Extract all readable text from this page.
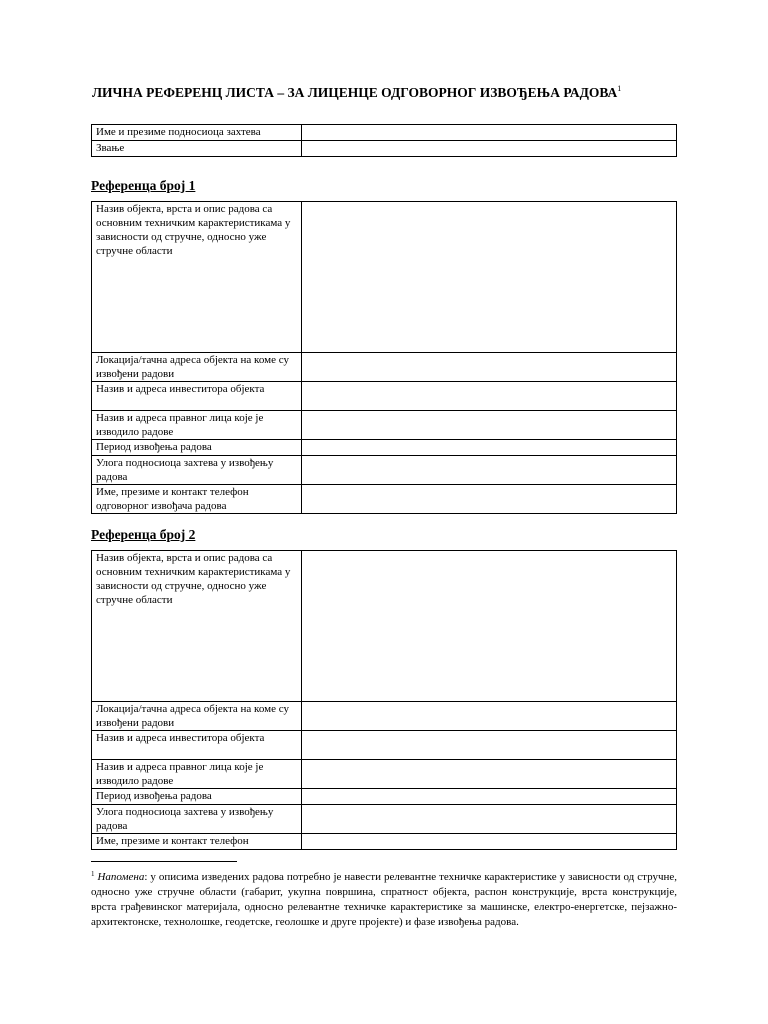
ЛИЧНА РЕФЕРЕНЦ ЛИСТА – ЗА ЛИЦЕНЦЕ ОДГОВОРНОГ ИЗВОЂЕЊА РАДОВА$^1$
Име и презиме подносиоца захтева	
Звање	
Референца број 1
Назив објекта, врста и опис радова са основним техничким карактеристикама у зависности од стручне, односно уже стручне области	
Локација/тачна адреса објекта на коме су извођени радови	
Назив и адреса инвеститора објекта	
Назив и адреса правног лица које је изводило радове	
Период извођења радова	
Улога подносиоца захтева у извођењу радова	
Име, презиме и контакт телефон одговорног извођача радова	
Референца број 2
Назив објекта, врста и опис радова са основним техничким карактеристикама у зависности од стручне, односно уже стручне области	
Локација/тачна адреса објекта на коме су извођени радови	
Назив и адреса инвеститора објекта	
Назив и адреса правног лица које је изводило радове	
Период извођења радова	
Улога подносиоца захтева у извођењу радова	
Име, презиме и контакт телефон	
$^1$ Напомена: у описима изведених радова потребно је навести релевантне техничке карактеристике у зависности од стручне, односно уже стручне области (габарит, укупна површина, спратност објекта, распон конструкције, врста конструкције, врста грађевинског материјала, односно релевантне техничке карактеристике за машинске, електро-енергетске, пејзажно-архитектонске, технолошке, геодетске, геолошке и друге пројекте) и фазе извођења радова.
